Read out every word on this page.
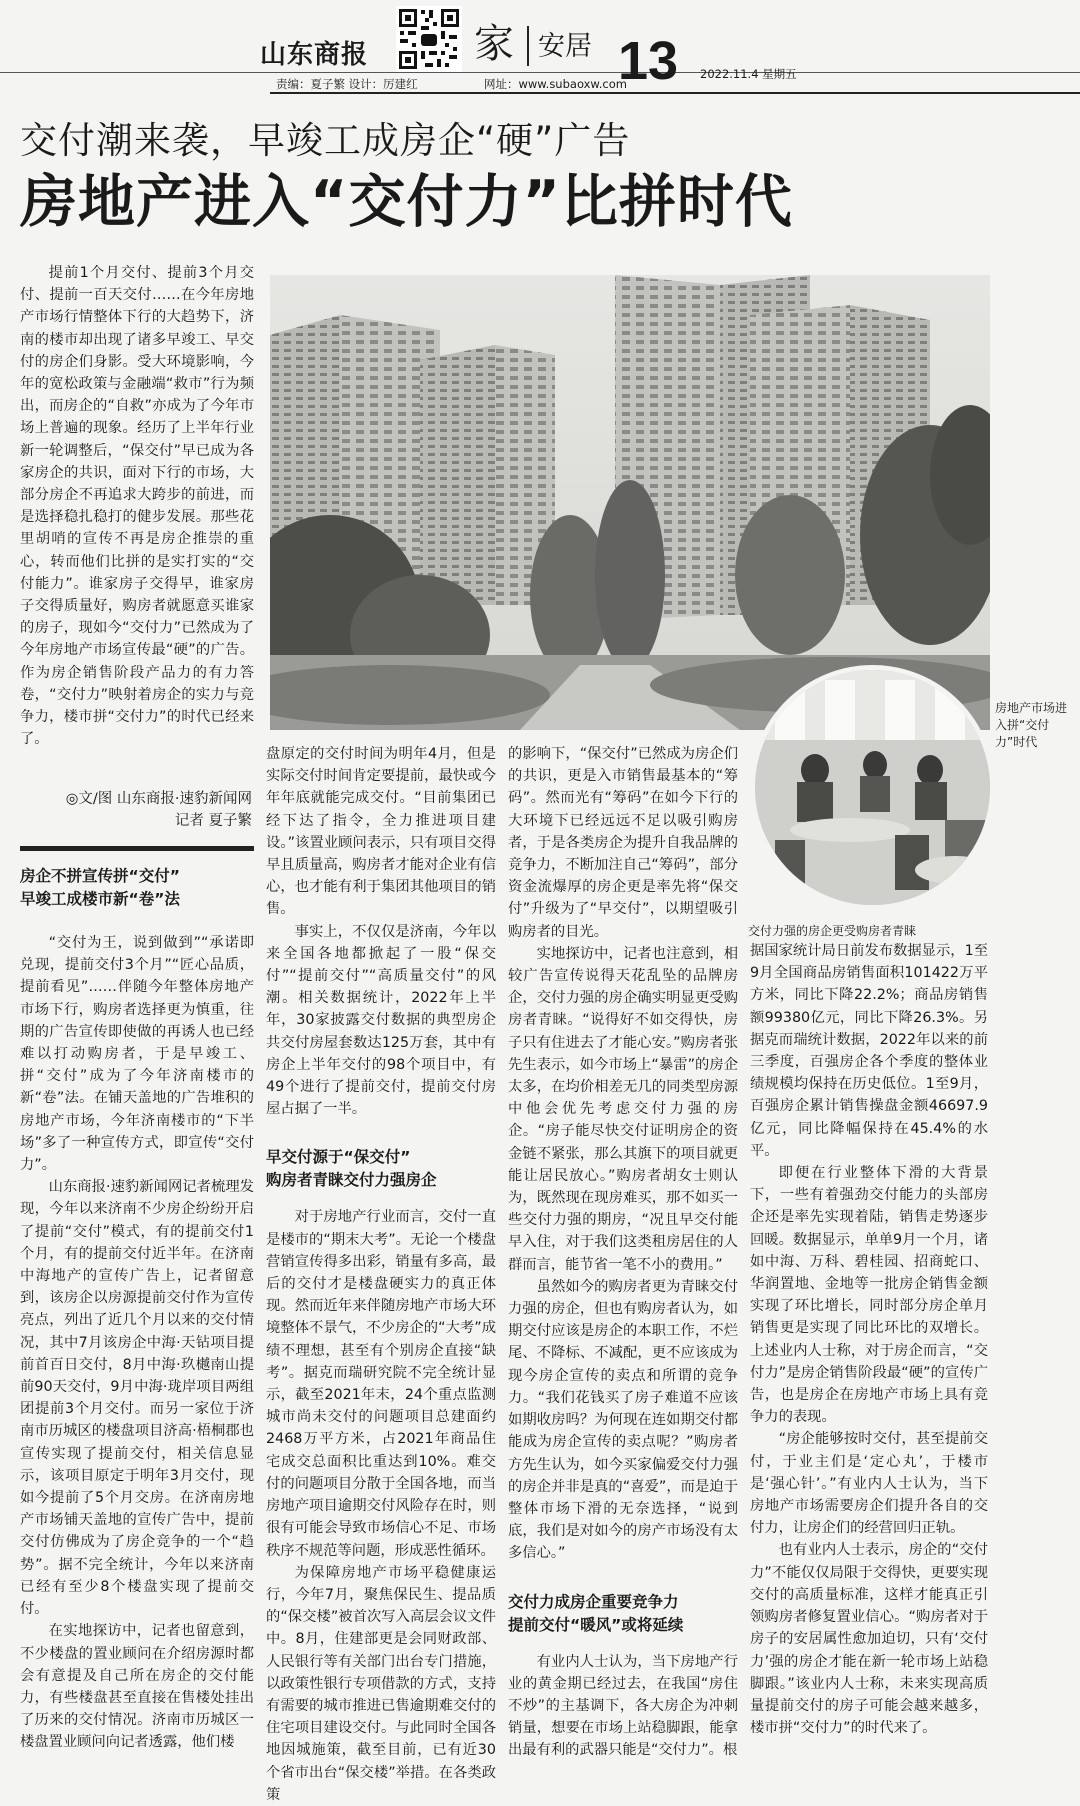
山东商报	家 安居 13 2022.11.4 星期五
责编：夏子繁 设计：厉建红	网址：www.subaoxw.com
交付潮来袭，早竣工成房企“硬”广告
房地产进入“交付力”比拼时代
房地产市场进入拼“交付力”时代
交付力强的房企更受购房者青睐

提前1个月交付、提前3个月交付、提前一百天交付……在今年房地产市场行情整体下行的大趋势下，济南的楼市却出现了诸多早竣工、早交付的房企们身影。受大环境影响，今年的宽松政策与金融端“救市”行为频出，而房企的“自救”亦成为了今年市场上普遍的现象。经历了上半年行业新一轮调整后，“保交付”早已成为各家房企的共识，面对下行的市场，大部分房企不再追求大跨步的前进，而是选择稳扎稳打的健步发展。那些花里胡哨的宣传不再是房企推崇的重心，转而他们比拼的是实打实的“交付能力”。谁家房子交得早，谁家房子交得质量好，购房者就愿意买谁家的房子，现如今“交付力”已然成为了今年房地产市场宣传最“硬”的广告。作为房企销售阶段产品力的有力答卷，“交付力”映射着房企的实力与竞争力，楼市拼“交付力”的时代已经来了。

◎文/图 山东商报·速豹新闻网
记者 夏子繁
房企不拼宣传拼“交付”
早竣工成楼市新“卷”法

“交付为王，说到做到”“承诺即兑现，提前交付3个月”“匠心品质，提前看见”……伴随今年整体房地产市场下行，购房者选择更为慎重，往期的广告宣传即使做的再诱人也已经难以打动购房者，于是早竣工、拼“交付”成为了今年济南楼市的新“卷”法。在铺天盖地的广告堆积的房地产市场，今年济南楼市的“下半场”多了一种宣传方式，即宣传“交付力”。

山东商报·速豹新闻网记者梳理发现，今年以来济南不少房企纷纷开启了提前“交付”模式，有的提前交付1个月，有的提前交付近半年。在济南中海地产的宣传广告上，记者留意到，该房企以房源提前交付作为宣传亮点，列出了近几个月以来的交付情况，其中7月该房企中海·天钻项目提前首百日交付，8月中海·玖樾南山提前90天交付，9月中海·珑岸项目两组团提前3个月交付。而另一家位于济南市历城区的楼盘项目济高·梧桐郡也宣传实现了提前交付，相关信息显示，该项目原定于明年3月交付，现如今提前了5个月交房。在济南房地产市场铺天盖地的宣传广告中，提前交付仿佛成为了房企竞争的一个“趋势”。据不完全统计，今年以来济南已经有至少8个楼盘实现了提前交付。

在实地探访中，记者也留意到，不少楼盘的置业顾问在介绍房源时都会有意提及自己所在房企的交付能力，有些楼盘甚至直接在售楼处挂出了历来的交付情况。济南市历城区一楼盘置业顾问向记者透露，他们楼

盘原定的交付时间为明年4月，但是实际交付时间肯定要提前，最快或今年年底就能完成交付。“目前集团已经下达了指令，全力推进项目建设。”该置业顾问表示，只有项目交得早且质量高，购房者才能对企业有信心，也才能有利于集团其他项目的销售。

事实上，不仅仅是济南，今年以来全国各地都掀起了一股“保交付”“提前交付”“高质量交付”的风潮。相关数据统计，2022年上半年，30家披露交付数据的典型房企共交付房屋套数达125万套，其中有房企上半年交付的98个项目中，有49个进行了提前交付，提前交付房屋占据了一半。

早交付源于“保交付”
购房者青睐交付力强房企

对于房地产行业而言，交付一直是楼市的“期末大考”。无论一个楼盘营销宣传得多出彩，销量有多高，最后的交付才是楼盘硬实力的真正体现。然而近年来伴随房地产市场大环境整体不景气，不少房企的“大考”成绩不理想，甚至有个别房企直接“缺考”。据克而瑞研究院不完全统计显示，截至2021年末，24个重点监测城市尚未交付的问题项目总建面约2468万平方米，占2021年商品住宅成交总面积比重达到10%。难交付的问题项目分散于全国各地，而当房地产项目逾期交付风险存在时，则很有可能会导致市场信心不足、市场秩序不规范等问题，形成恶性循环。

为保障房地产市场平稳健康运行，今年7月，聚焦保民生、提品质的“保交楼”被首次写入高层会议文件中。8月，住建部更是会同财政部、人民银行等有关部门出台专门措施，以政策性银行专项借款的方式，支持有需要的城市推进已售逾期难交付的住宅项目建设交付。与此同时全国各地因城施策，截至目前，已有近30个省市出台“保交楼”举措。在各类政策

的影响下，“保交付”已然成为房企们的共识，更是入市销售最基本的“筹码”。然而光有“筹码”在如今下行的大环境下已经远远不足以吸引购房者，于是各类房企为提升自我品牌的竞争力，不断加注自己“筹码”，部分资金流爆厚的房企更是率先将“保交付”升级为了“早交付”，以期望吸引购房者的目光。

实地探访中，记者也注意到，相较广告宣传说得天花乱坠的品牌房企，交付力强的房企确实明显更受购房者青睐。“说得好不如交得快，房子只有住进去了才能心安。”购房者张先生表示，如今市场上“暴雷”的房企太多，在均价相差无几的同类型房源中他会优先考虑交付力强的房企。“房子能尽快交付证明房企的资金链不紧张，那么其旗下的项目就更能让居民放心。”购房者胡女士则认为，既然现在现房难买，那不如买一些交付力强的期房，“况且早交付能早入住，对于我们这类租房居住的人群而言，能节省一笔不小的费用。”

虽然如今的购房者更为青睐交付力强的房企，但也有购房者认为，如期交付应该是房企的本职工作，不烂尾、不降标、不减配，更不应该成为现今房企宣传的卖点和所谓的竞争力。“我们花钱买了房子难道不应该如期收房吗？为何现在连如期交付都能成为房企宣传的卖点呢？”购房者方先生认为，如今买家偏爱交付力强的房企并非是真的“喜爱”，而是迫于整体市场下滑的无奈选择，“说到底，我们是对如今的房产市场没有太多信心。”

交付力成房企重要竞争力
提前交付“暖风”或将延续

有业内人士认为，当下房地产行业的黄金期已经过去，在我国“房住不炒”的主基调下，各大房企为冲刺销量，想要在市场上站稳脚跟，能拿出最有利的武器只能是“交付力”。根

据国家统计局日前发布数据显示，1至9月全国商品房销售面积101422万平方米，同比下降22.2%；商品房销售额99380亿元，同比下降26.3%。另据克而瑞统计数据，2022年以来的前三季度，百强房企各个季度的整体业绩规模均保持在历史低位。1至9月，百强房企累计销售操盘金额46697.9亿元，同比降幅保持在45.4%的水平。

即便在行业整体下滑的大背景下，一些有着强劲交付能力的头部房企还是率先实现着陆，销售走势逐步回暖。数据显示，单单9月一个月，诸如中海、万科、碧桂园、招商蛇口、华润置地、金地等一批房企销售金额实现了环比增长，同时部分房企单月销售更是实现了同比环比的双增长。上述业内人士称，对于房企而言，“交付力”是房企销售阶段最“硬”的宣传广告，也是房企在房地产市场上具有竞争力的表现。

“房企能够按时交付，甚至提前交付，于业主们是‘定心丸’，于楼市是‘强心针’。”有业内人士认为，当下房地产市场需要房企们提升各自的交付力，让房企们的经营回归正轨。

也有业内人士表示，房企的“交付力”不能仅仅局限于交得快，更要实现交付的高质量标准，这样才能真正引领购房者修复置业信心。“购房者对于房子的安居属性愈加迫切，只有‘交付力’强的房企才能在新一轮市场上站稳脚跟。”该业内人士称，未来实现高质量提前交付的房子可能会越来越多，楼市拼“交付力”的时代来了。
